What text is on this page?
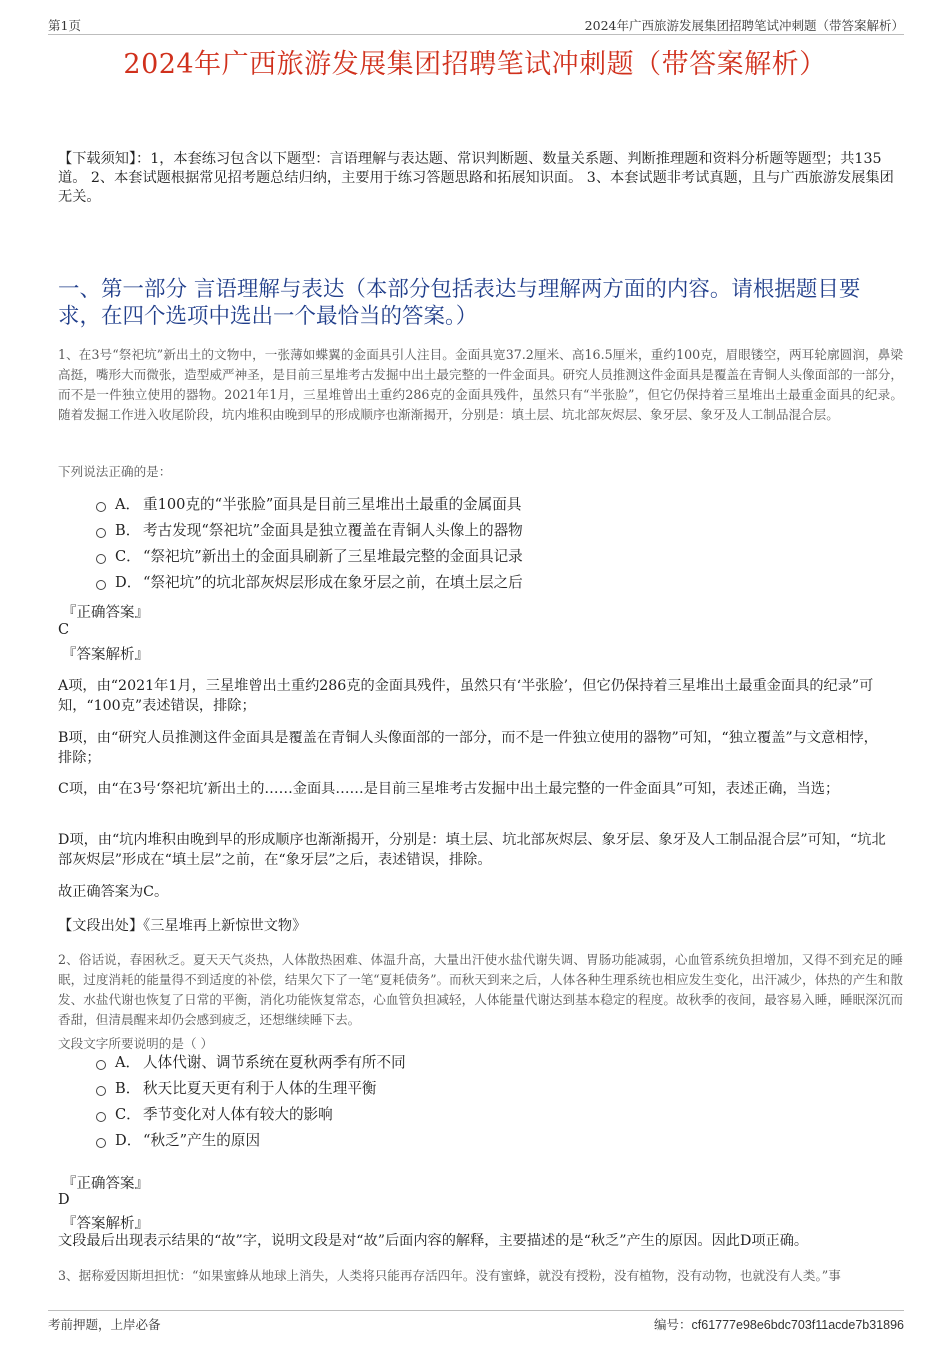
第1页	2024年广西旅游发展集团招聘笔试冲刺题（带答案解析）
2024年广西旅游发展集团招聘笔试冲刺题（带答案解析）
【下载须知】：1，本套练习包含以下题型：言语理解与表达题、常识判断题、数量关系题、判断推理题和资料分析题等题型；共135道。 2、本套试题根据常见招考题总结归纳，主要用于练习答题思路和拓展知识面。 3、本套试题非考试真题，且与广西旅游发展集团无关。
一、第一部分 言语理解与表达（本部分包括表达与理解两方面的内容。请根据题目要求，在四个选项中选出一个最恰当的答案。）
1、在3号“祭祀坑”新出土的文物中，一张薄如蝶翼的金面具引人注目。金面具宽37.2厘米、高16.5厘米，重约100克，眉眼镂空，两耳轮廓圆润，鼻梁高挺，嘴形大而微张，造型威严神圣，是目前三星堆考古发掘中出土最完整的一件金面具。研究人员推测这件金面具是覆盖在青铜人头像面部的一部分，而不是一件独立使用的器物。2021年1月，三星堆曾出土重约286克的金面具残件，虽然只有“半张脸”，但它仍保持着三星堆出土最重金面具的纪录。随着发掘工作进入收尾阶段，坑内堆积由晚到早的形成顺序也渐渐揭开，分别是：填土层、坑北部灰烬层、象牙层、象牙及人工制品混合层。
下列说法正确的是：
A． 重100克的“半张脸”面具是目前三星堆出土最重的金属面具
B． 考古发现“祭祀坑”金面具是独立覆盖在青铜人头像上的器物
C． “祭祀坑”新出土的金面具刷新了三星堆最完整的金面具记录
D． “祭祀坑”的坑北部灰烬层形成在象牙层之前，在填土层之后
『正确答案』
C
『答案解析』
A项，由“2021年1月，三星堆曾出土重约286克的金面具残件，虽然只有‘半张脸’，但它仍保持着三星堆出土最重金面具的纪录”可知，“100克”表述错误，排除；
B项，由“研究人员推测这件金面具是覆盖在青铜人头像面部的一部分，而不是一件独立使用的器物”可知，“独立覆盖”与文意相悖，排除；
C项，由“在3号‘祭祀坑’新出土的……金面具……是目前三星堆考古发掘中出土最完整的一件金面具”可知，表述正确，当选；
D项，由“坑内堆积由晚到早的形成顺序也渐渐揭开，分别是：填土层、坑北部灰烬层、象牙层、象牙及人工制品混合层”可知，“坑北部灰烬层”形成在“填土层”之前，在“象牙层”之后，表述错误，排除。
故正确答案为C。
【文段出处】《三星堆再上新惊世文物》
2、俗话说，春困秋乏。夏天天气炎热，人体散热困难、体温升高，大量出汗使水盐代谢失调、胃肠功能减弱，心血管系统负担增加，又得不到充足的睡眠，过度消耗的能量得不到适度的补偿，结果欠下了一笔“夏耗债务”。而秋天到来之后，人体各种生理系统也相应发生变化，出汗减少，体热的产生和散发、水盐代谢也恢复了日常的平衡，消化功能恢复常态，心血管负担减轻，人体能量代谢达到基本稳定的程度。故秋季的夜间，最容易入睡，睡眠深沉而香甜，但清晨醒来却仍会感到疲乏，还想继续睡下去。
文段文字所要说明的是（ ）
A． 人体代谢、调节系统在夏秋两季有所不同
B． 秋天比夏天更有利于人体的生理平衡
C． 季节变化对人体有较大的影响
D． “秋乏”产生的原因
『正确答案』
D
『答案解析』
文段最后出现表示结果的“故”字，说明文段是对“故”后面内容的解释，主要描述的是“秋乏”产生的原因。因此D项正确。
3、据称爱因斯坦担忧：“如果蜜蜂从地球上消失，人类将只能再存活四年。没有蜜蜂，就没有授粉，没有植物，没有动物，也就没有人类。”事
考前押题，上岸必备	编号：cf61777e98e6bdc703f11acde7b31896
